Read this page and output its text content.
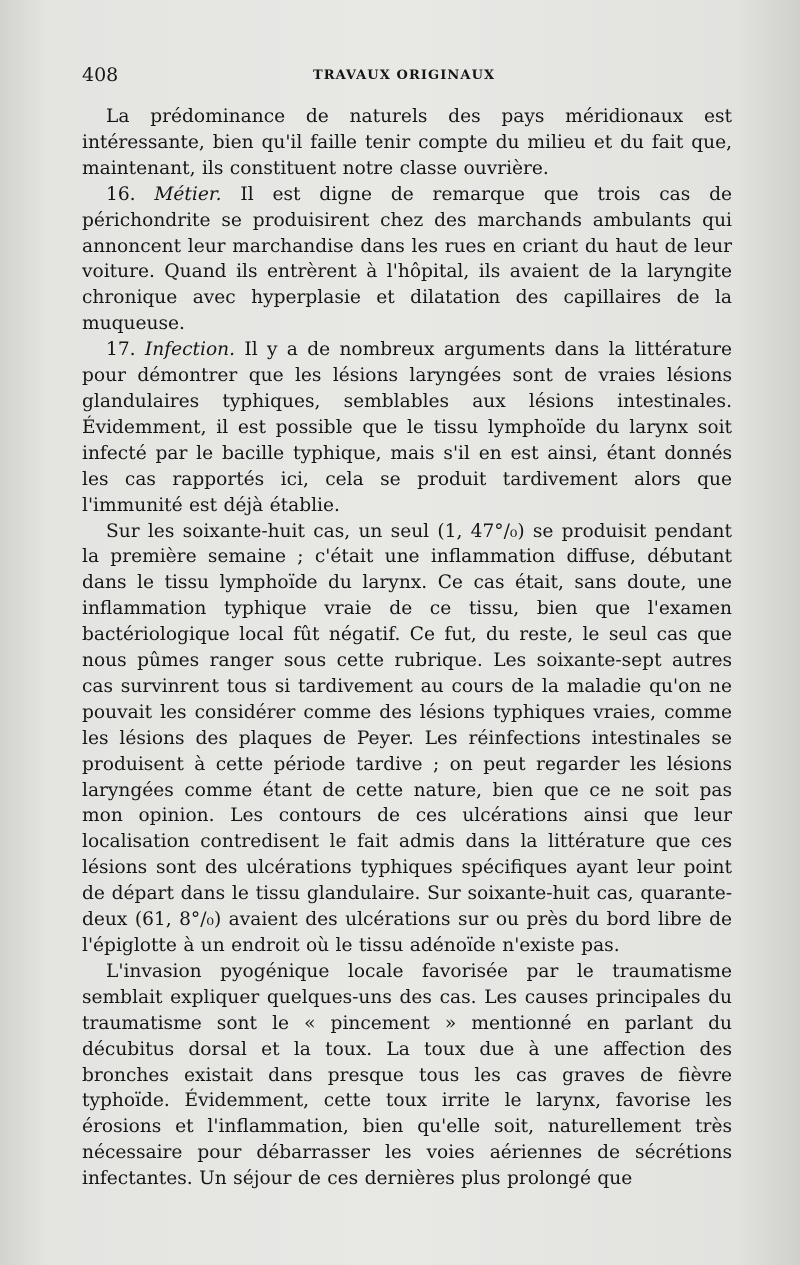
408	TRAVAUX ORIGINAUX

La prédominance de naturels des pays méridionaux est intéressante, bien qu'il faille tenir compte du milieu et du fait que, maintenant, ils constituent notre classe ouvrière.

16. Métier. Il est digne de remarque que trois cas de périchondrite se produisirent chez des marchands ambulants qui annoncent leur marchandise dans les rues en criant du haut de leur voiture. Quand ils entrèrent à l'hôpital, ils avaient de la laryngite chronique avec hyperplasie et dilatation des capillaires de la muqueuse.

17. Infection. Il y a de nombreux arguments dans la littérature pour démontrer que les lésions laryngées sont de vraies lésions glandulaires typhiques, semblables aux lésions intestinales. Évidemment, il est possible que le tissu lymphoïde du larynx soit infecté par le bacille typhique, mais s'il en est ainsi, étant donnés les cas rapportés ici, cela se produit tardivement alors que l'immunité est déjà établie.

Sur les soixante-huit cas, un seul (1, 47°/₀) se produisit pendant la première semaine ; c'était une inflammation diffuse, débutant dans le tissu lymphoïde du larynx. Ce cas était, sans doute, une inflammation typhique vraie de ce tissu, bien que l'examen bactériologique local fût négatif. Ce fut, du reste, le seul cas que nous pûmes ranger sous cette rubrique. Les soixante-sept autres cas survinrent tous si tardivement au cours de la maladie qu'on ne pouvait les considérer comme des lésions typhiques vraies, comme les lésions des plaques de Peyer. Les réinfections intestinales se produisent à cette période tardive ; on peut regarder les lésions laryngées comme étant de cette nature, bien que ce ne soit pas mon opinion. Les contours de ces ulcérations ainsi que leur localisation contredisent le fait admis dans la littérature que ces lésions sont des ulcérations typhiques spécifiques ayant leur point de départ dans le tissu glandulaire. Sur soixante-huit cas, quarante-deux (61, 8°/₀) avaient des ulcérations sur ou près du bord libre de l'épiglotte à un endroit où le tissu adénoïde n'existe pas.

L'invasion pyogénique locale favorisée par le traumatisme semblait expliquer quelques-uns des cas. Les causes principales du traumatisme sont le « pincement » mentionné en parlant du décubitus dorsal et la toux. La toux due à une affection des bronches existait dans presque tous les cas graves de fièvre typhoïde. Évidemment, cette toux irrite le larynx, favorise les érosions et l'inflammation, bien qu'elle soit, naturellement très nécessaire pour débarrasser les voies aériennes de sécrétions infectantes. Un séjour de ces dernières plus prolongé que
